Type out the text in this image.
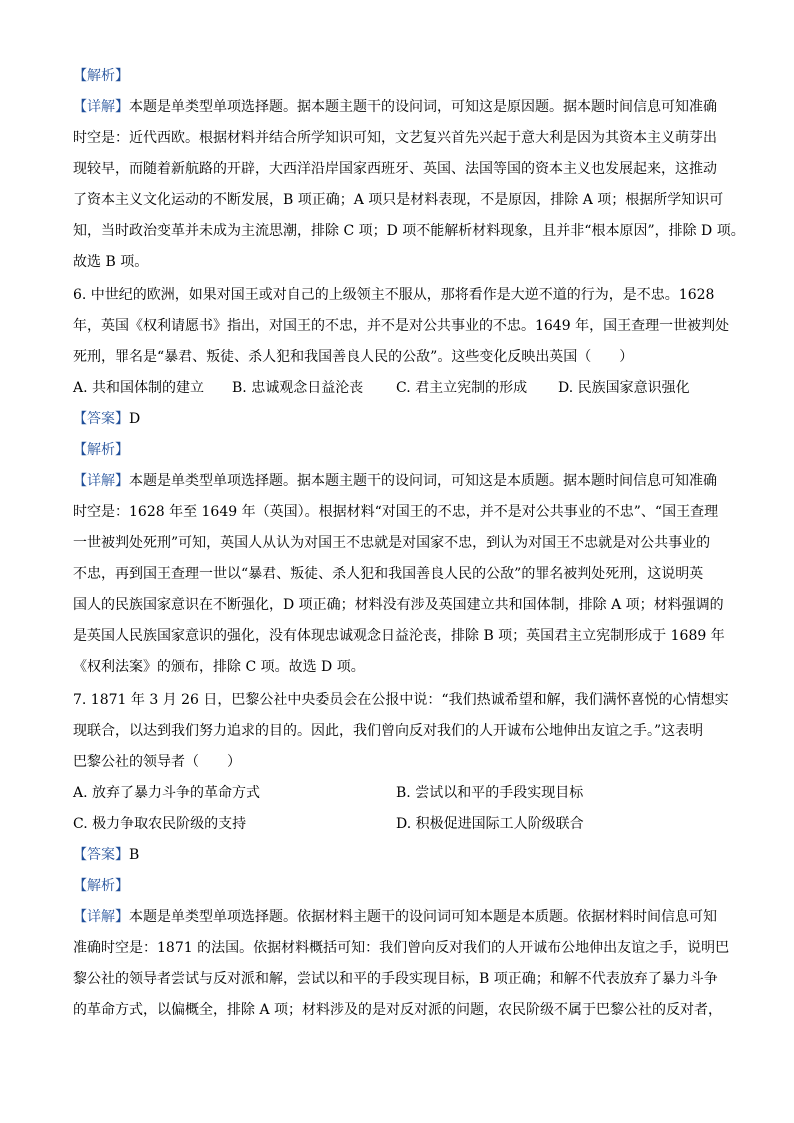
【解析】
【详解】本题是单类型单项选择题。据本题主题干的设问词，可知这是原因题。据本题时间信息可知准确
时空是：近代西欧。根据材料并结合所学知识可知，文艺复兴首先兴起于意大利是因为其资本主义萌芽出
现较早，而随着新航路的开辟，大西洋沿岸国家西班牙、英国、法国等国的资本主义也发展起来，这推动
了资本主义文化运动的不断发展，B 项正确；A 项只是材料表现，不是原因，排除 A 项；根据所学知识可
知，当时政治变革并未成为主流思潮，排除 C 项；D 项不能解析材料现象，且并非“根本原因”，排除 D 项。
故选 B 项。
6. 中世纪的欧洲，如果对国王或对自己的上级领主不服从，那将看作是大逆不道的行为，是不忠。1628
年，英国《权利请愿书》指出，对国王的不忠，并不是对公共事业的不忠。1649 年，国王查理一世被判处
死刑，罪名是“暴君、叛徒、杀人犯和我国善良人民的公敌”。这些变化反映出英国（　　）
A. 共和国体制的建立 B. 忠诚观念日益沦丧 C. 君主立宪制的形成 D. 民族国家意识强化
【答案】D
【解析】
【详解】本题是单类型单项选择题。据本题主题干的设问词，可知这是本质题。据本题时间信息可知准确
时空是：1628 年至 1649 年（英国）。根据材料“对国王的不忠，并不是对公共事业的不忠”、“国王查理
一世被判处死刑”可知，英国人从认为对国王不忠就是对国家不忠，到认为对国王不忠就是对公共事业的
不忠，再到国王查理一世以“暴君、叛徒、杀人犯和我国善良人民的公敌”的罪名被判处死刑，这说明英
国人的民族国家意识在不断强化，D 项正确；材料没有涉及英国建立共和国体制，排除 A 项；材料强调的
是英国人民族国家意识的强化，没有体现忠诚观念日益沦丧，排除 B 项；英国君主立宪制形成于 1689 年
《权利法案》的颁布，排除 C 项。故选 D 项。
7. 1871 年 3 月 26 日，巴黎公社中央委员会在公报中说：“我们热诚希望和解，我们满怀喜悦的心情想实
现联合，以达到我们努力追求的目的。因此，我们曾向反对我们的人开诚布公地伸出友谊之手。”这表明
巴黎公社的领导者（　　）
A. 放弃了暴力斗争的革命方式	B. 尝试以和平的手段实现目标
C. 极力争取农民阶级的支持	D. 积极促进国际工人阶级联合
【答案】B
【解析】
【详解】本题是单类型单项选择题。依据材料主题干的设问词可知本题是本质题。依据材料时间信息可知
准确时空是：1871 的法国。依据材料概括可知：我们曾向反对我们的人开诚布公地伸出友谊之手，说明巴
黎公社的领导者尝试与反对派和解，尝试以和平的手段实现目标，B 项正确；和解不代表放弃了暴力斗争
的革命方式，以偏概全，排除 A 项；材料涉及的是对反对派的问题，农民阶级不属于巴黎公社的反对者，
